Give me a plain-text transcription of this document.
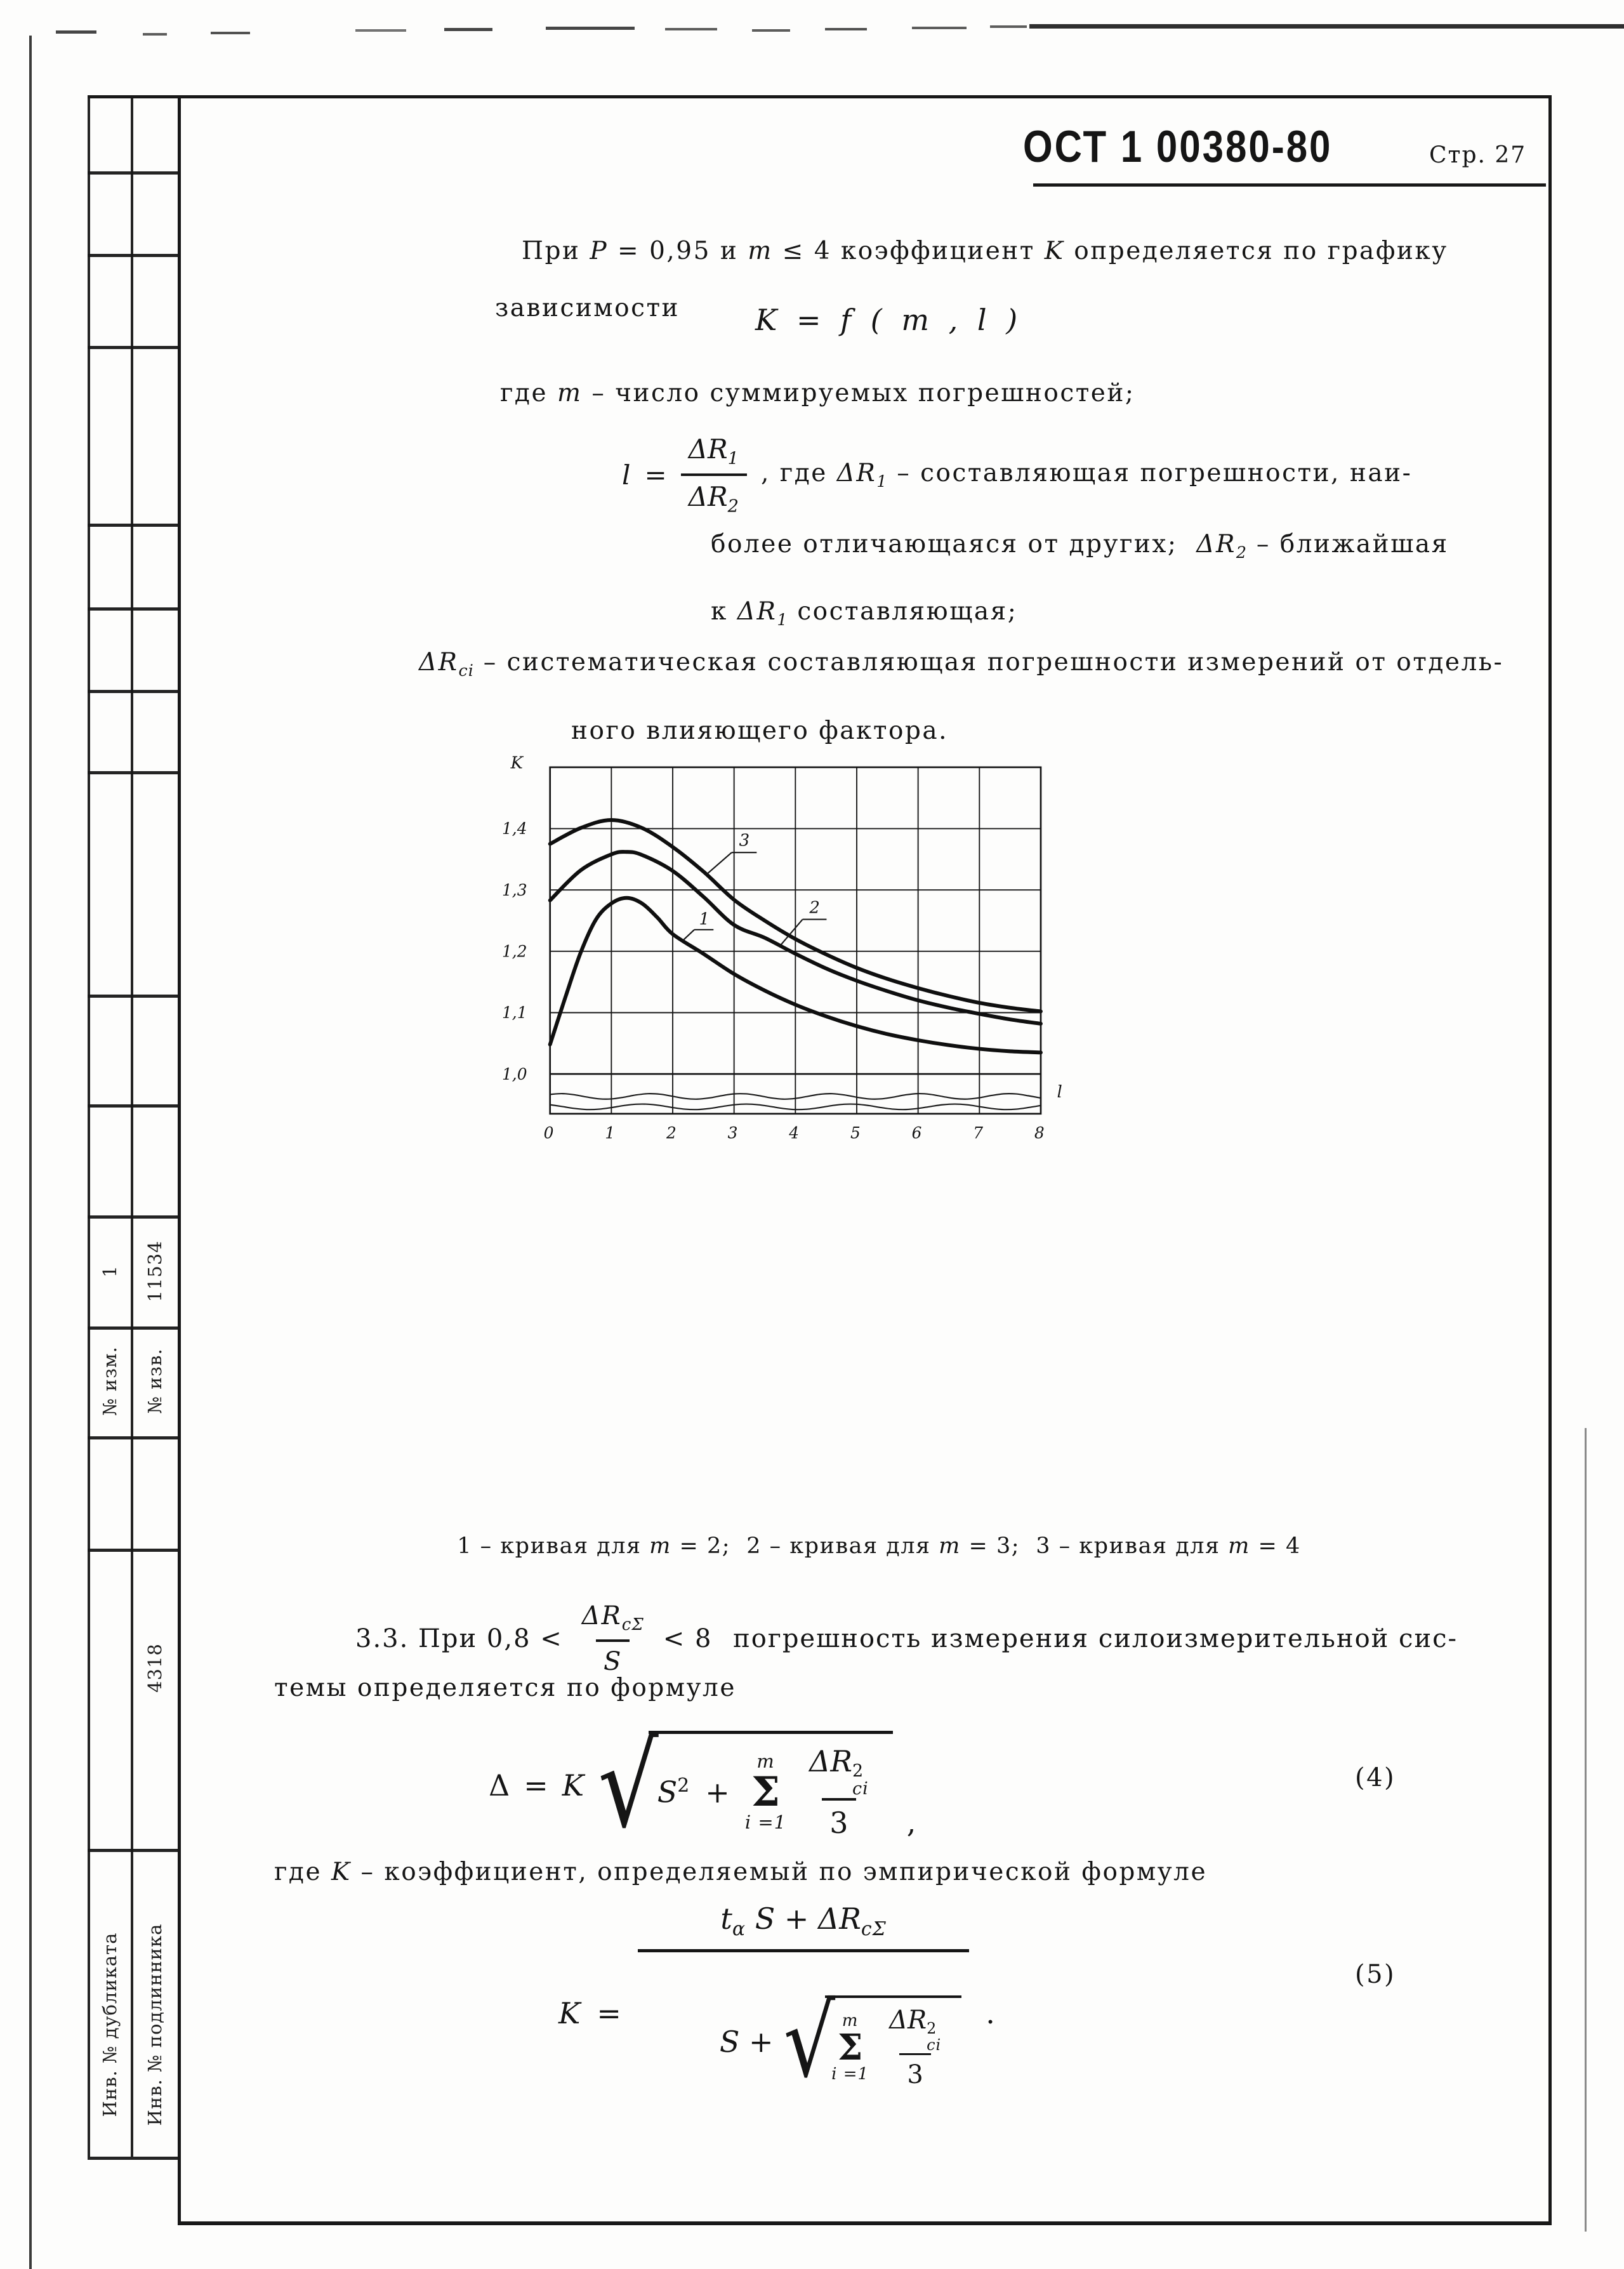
1
№ изм.
11534
№ изв.
4318
Инв. № дубликата Инв. № подлинника
ОСТ 1 00380-80	Стр. 27
При P = 0,95 и m ≤ 4 коэффициент K определяется по графику
зависимости	K = f ( m , l )
где m – число суммируемых погрешностей;
$l = \frac{\Delta R_1}{\Delta R_2}$ , где $\Delta R_1$ – составляющая погрешности, наи-
более отличающаяся от других;  $\Delta R_2$ – ближайшая
к $\Delta R_1$ составляющая;
$\Delta R_{ci}$ – систематическая составляющая погрешности измерений от отдель-
ного влияющего фактора.
0 1 2 3 4 5 6 7 8
1,0
1,1
1,2
1,3
1,4
K
l
1
2
3
1 – кривая для m = 2;  2 – кривая для m = 3;  3 – кривая для m = 4
3.3. При $0,8 < \frac{\Delta R_{с\Sigma}}{S} < 8$ погрешность измерения силоизмерительной сис-
темы определяется по формуле
Δ = K √
$S^2$ +
m
Σ
i =1 ΔR 2
ci
3 ,
(4)
где K – коэффициент, определяемый по эмпирической формуле
K =
$t_\alpha$ $S + \Delta R_{с\Sigma}$

S + √ m
Σ
i =1 ΔR 2
ci
3

.
(5)
